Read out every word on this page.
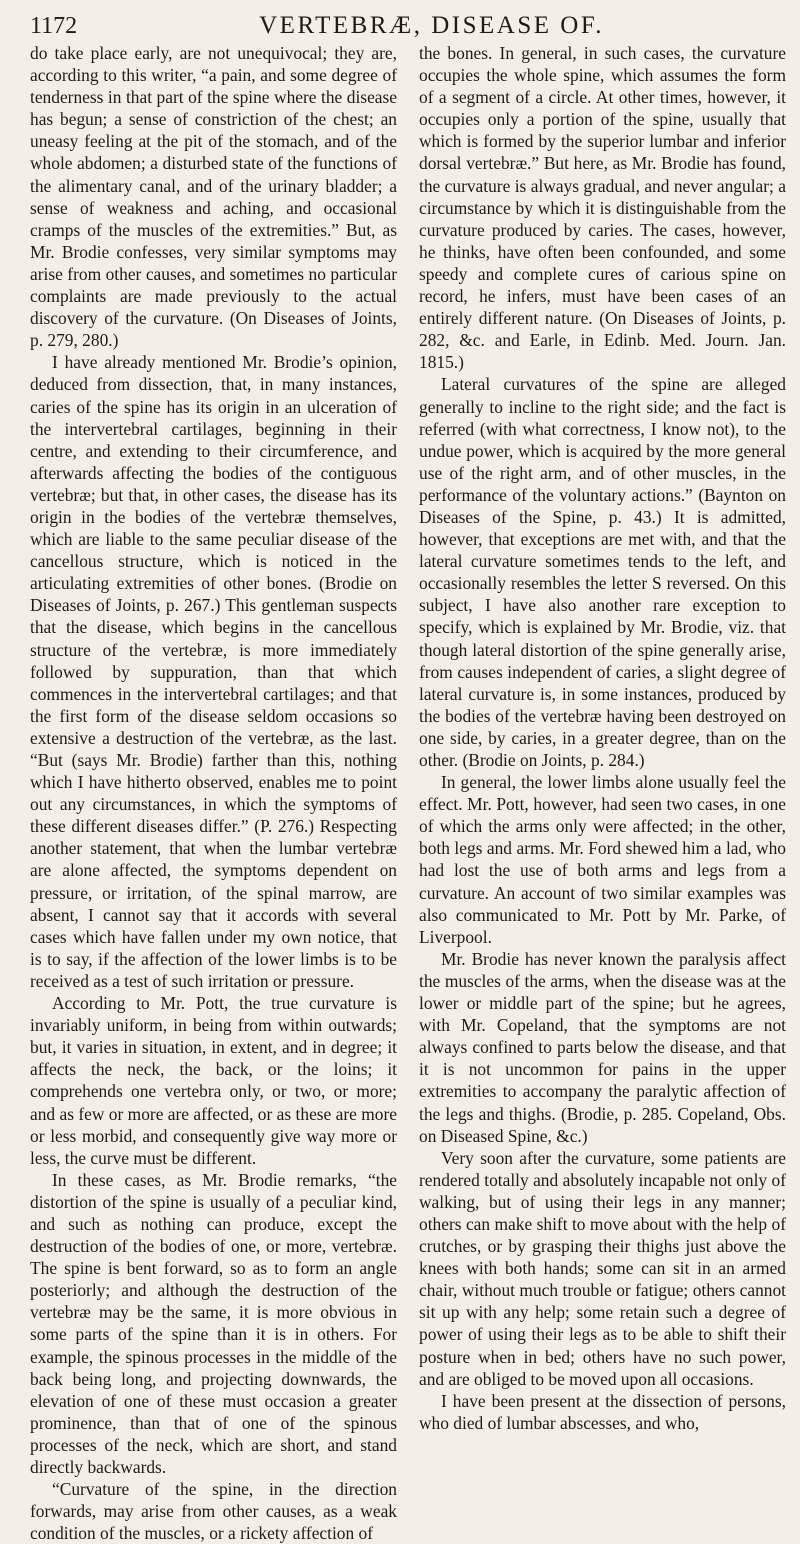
1172	VERTEBRÆ, DISEASE OF.

do take place early, are not unequivocal; they are, according to this writer, “a pain, and some degree of tenderness in that part of the spine where the disease has begun; a sense of constriction of the chest; an uneasy feeling at the pit of the stomach, and of the whole abdomen; a disturbed state of the functions of the alimentary canal, and of the urinary bladder; a sense of weakness and aching, and occasional cramps of the muscles of the extremities.” But, as Mr. Brodie confesses, very similar symptoms may arise from other causes, and sometimes no particular complaints are made previously to the actual discovery of the curvature. (On Diseases of Joints, p. 279, 280.)

I have already mentioned Mr. Brodie’s opinion, deduced from dissection, that, in many instances, caries of the spine has its origin in an ulceration of the intervertebral cartilages, beginning in their centre, and extending to their circumference, and afterwards affecting the bodies of the contiguous vertebræ; but that, in other cases, the disease has its origin in the bodies of the vertebræ themselves, which are liable to the same peculiar disease of the cancellous structure, which is noticed in the articulating extremities of other bones. (Brodie on Diseases of Joints, p. 267.) This gentleman suspects that the disease, which begins in the cancellous structure of the vertebræ, is more immediately followed by suppuration, than that which commences in the intervertebral cartilages; and that the first form of the disease seldom occasions so extensive a destruction of the vertebræ, as the last. “But (says Mr. Brodie) farther than this, nothing which I have hitherto observed, enables me to point out any circumstances, in which the symptoms of these different diseases differ.” (P. 276.) Respecting another statement, that when the lumbar vertebræ are alone affected, the symptoms dependent on pressure, or irritation, of the spinal marrow, are absent, I cannot say that it accords with several cases which have fallen under my own notice, that is to say, if the affection of the lower limbs is to be received as a test of such irritation or pressure.

According to Mr. Pott, the true curvature is invariably uniform, in being from within outwards; but, it varies in situation, in extent, and in degree; it affects the neck, the back, or the loins; it comprehends one vertebra only, or two, or more; and as few or more are affected, or as these are more or less morbid, and consequently give way more or less, the curve must be different.

In these cases, as Mr. Brodie remarks, “the distortion of the spine is usually of a peculiar kind, and such as nothing can produce, except the destruction of the bodies of one, or more, vertebræ. The spine is bent forward, so as to form an angle posteriorly; and although the destruction of the vertebræ may be the same, it is more obvious in some parts of the spine than it is in others. For example, the spinous processes in the middle of the back being long, and projecting downwards, the elevation of one of these must occasion a greater prominence, than that of one of the spinous processes of the neck, which are short, and stand directly backwards.

“Curvature of the spine, in the direction forwards, may arise from other causes, as a weak condition of the muscles, or a rickety affection of

the bones. In general, in such cases, the curvature occupies the whole spine, which assumes the form of a segment of a circle. At other times, however, it occupies only a portion of the spine, usually that which is formed by the superior lumbar and inferior dorsal vertebræ.” But here, as Mr. Brodie has found, the curvature is always gradual, and never angular; a circumstance by which it is distinguishable from the curvature produced by caries. The cases, however, he thinks, have often been confounded, and some speedy and complete cures of carious spine on record, he infers, must have been cases of an entirely different nature. (On Diseases of Joints, p. 282, &c. and Earle, in Edinb. Med. Journ. Jan. 1815.)

Lateral curvatures of the spine are alleged generally to incline to the right side; and the fact is referred (with what correctness, I know not), to the undue power, which is acquired by the more general use of the right arm, and of other muscles, in the performance of the voluntary actions.” (Baynton on Diseases of the Spine, p. 43.) It is admitted, however, that exceptions are met with, and that the lateral curvature sometimes tends to the left, and occasionally resembles the letter S reversed. On this subject, I have also another rare exception to specify, which is explained by Mr. Brodie, viz. that though lateral distortion of the spine generally arise, from causes independent of caries, a slight degree of lateral curvature is, in some instances, produced by the bodies of the vertebræ having been destroyed on one side, by caries, in a greater degree, than on the other. (Brodie on Joints, p. 284.)

In general, the lower limbs alone usually feel the effect. Mr. Pott, however, had seen two cases, in one of which the arms only were affected; in the other, both legs and arms. Mr. Ford shewed him a lad, who had lost the use of both arms and legs from a curvature. An account of two similar examples was also communicated to Mr. Pott by Mr. Parke, of Liverpool.

Mr. Brodie has never known the paralysis affect the muscles of the arms, when the disease was at the lower or middle part of the spine; but he agrees, with Mr. Copeland, that the symptoms are not always confined to parts below the disease, and that it is not uncommon for pains in the upper extremities to accompany the paralytic affection of the legs and thighs. (Brodie, p. 285. Copeland, Obs. on Diseased Spine, &c.)

Very soon after the curvature, some patients are rendered totally and absolutely incapable not only of walking, but of using their legs in any manner; others can make shift to move about with the help of crutches, or by grasping their thighs just above the knees with both hands; some can sit in an armed chair, without much trouble or fatigue; others cannot sit up with any help; some retain such a degree of power of using their legs as to be able to shift their posture when in bed; others have no such power, and are obliged to be moved upon all occasions.

I have been present at the dissection of persons, who died of lumbar abscesses, and who,
